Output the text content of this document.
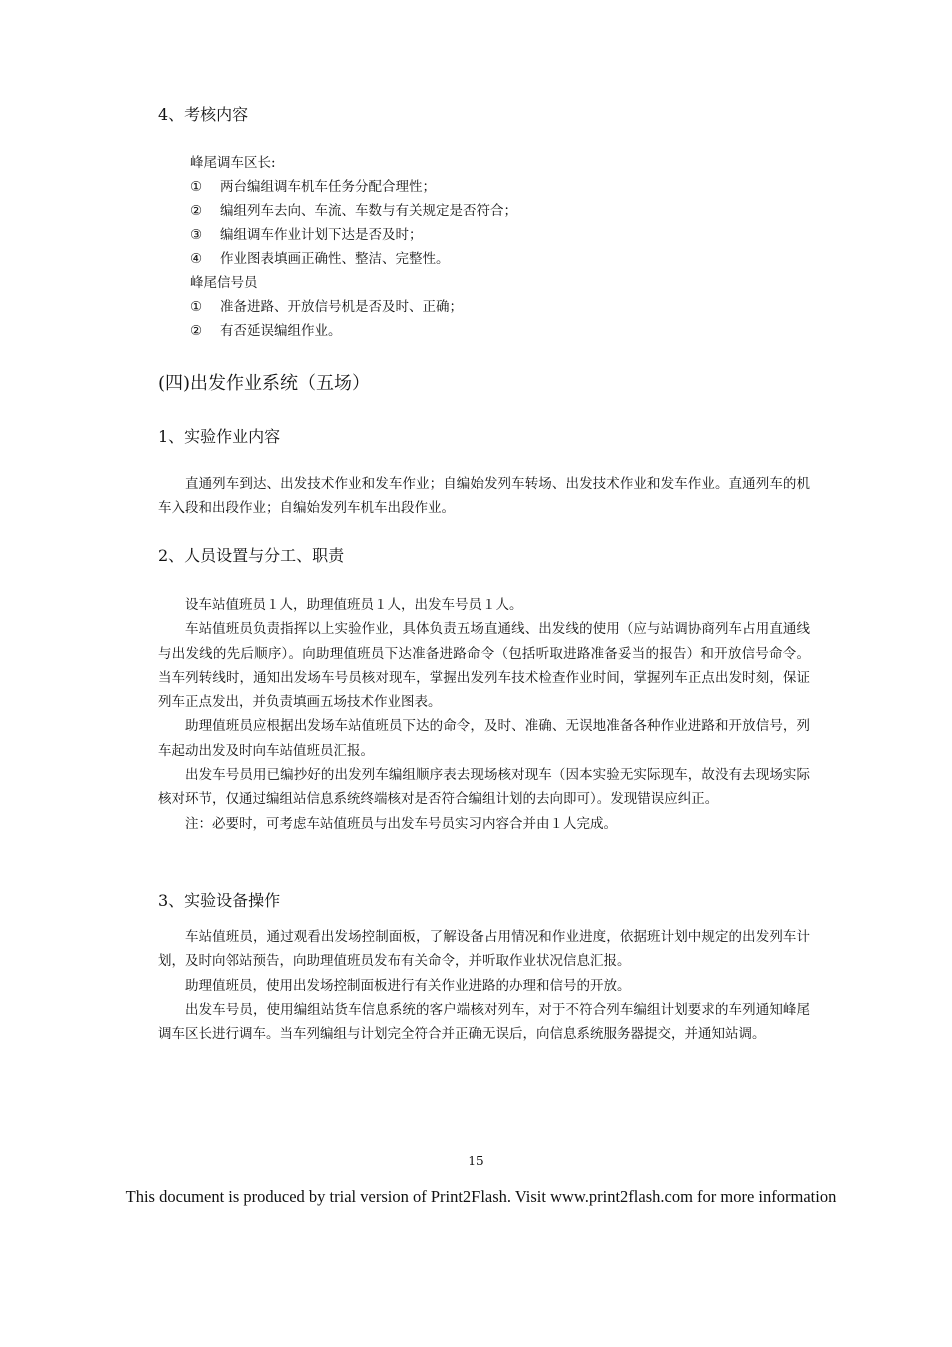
4、考核内容
峰尾调车区长:
①	两台编组调车机车任务分配合理性；
②	编组列车去向、车流、车数与有关规定是否符合；
③	编组调车作业计划下达是否及时；
④	作业图表填画正确性、整洁、完整性。
峰尾信号员
①	准备进路、开放信号机是否及时、正确；
②	有否延误编组作业。
(四)出发作业系统（五场）
1、实验作业内容

直通列车到达、出发技术作业和发车作业；自编始发列车转场、出发技术作业和发车作业。直通列车的机车入段和出段作业；自编始发列车机车出段作业。

2、人员设置与分工、职责

设车站值班员１人，助理值班员１人，出发车号员１人。

车站值班员负责指挥以上实验作业，具体负责五场直通线、出发线的使用（应与站调协商列车占用直通线与出发线的先后顺序）。向助理值班员下达准备进路命令（包括听取进路准备妥当的报告）和开放信号命令。当车列转线时，通知出发场车号员核对现车，掌握出发列车技术检查作业时间，掌握列车正点出发时刻，保证列车正点发出，并负责填画五场技术作业图表。

助理值班员应根据出发场车站值班员下达的命令，及时、准确、无误地准备各种作业进路和开放信号，列车起动出发及时向车站值班员汇报。

出发车号员用已编抄好的出发列车编组顺序表去现场核对现车（因本实验无实际现车，故没有去现场实际核对环节，仅通过编组站信息系统终端核对是否符合编组计划的去向即可）。发现错误应纠正。

注：必要时，可考虑车站值班员与出发车号员实习内容合并由１人完成。

3、实验设备操作

车站值班员，通过观看出发场控制面板，了解设备占用情况和作业进度，依据班计划中规定的出发列车计划，及时向邻站预告，向助理值班员发布有关命令，并听取作业状况信息汇报。

助理值班员，使用出发场控制面板进行有关作业进路的办理和信号的开放。

出发车号员，使用编组站货车信息系统的客户端核对列车，对于不符合列车编组计划要求的车列通知峰尾调车区长进行调车。当车列编组与计划完全符合并正确无误后，向信息系统服务器提交，并通知站调。

15
This document is produced by trial version of Print2Flash. Visit www.print2flash.com for more information
